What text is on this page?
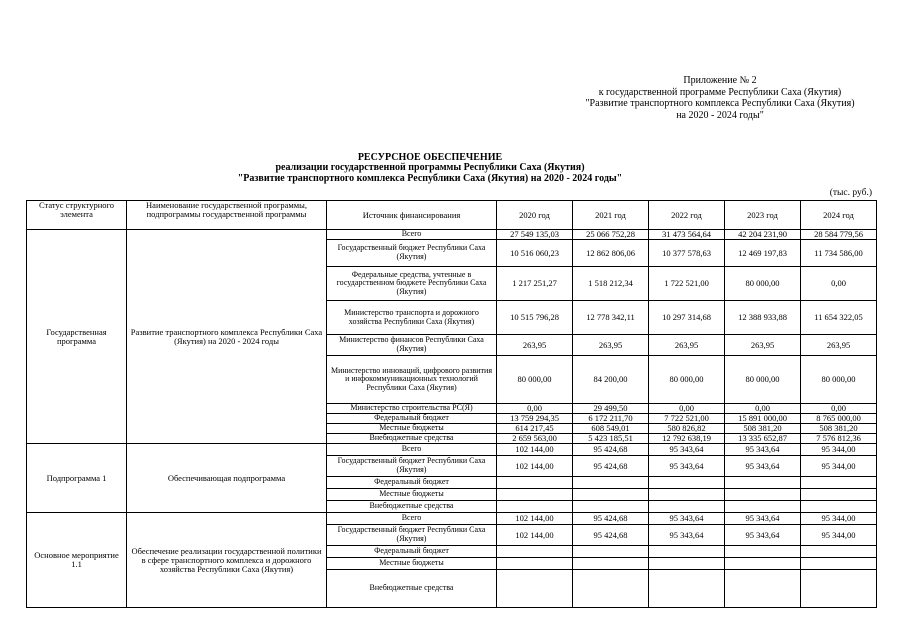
Приложение № 2
к государственной программе Республики Саха (Якутия)
"Развитие транспортного комплекса Республики Саха (Якутия)
на 2020 - 2024 годы"
РЕСУРСНОЕ ОБЕСПЕЧЕНИЕ
реализации государственной программы Республики Саха (Якутия)
"Развитие транспортного комплекса Республики Саха (Якутия) на 2020 - 2024 годы"
(тыс. руб.)
Статус структурного элемента	Наименование государственной программы, подпрограммы государственной программы	Источник финансирования	2020 год	2021 год	2022 год	2023 год	2024 год
Государственная программа	Развитие транспортного комплекса Республики Саха (Якутия) на 2020 - 2024 годы	Всего	27 549 135,03	25 066 752,28	31 473 564,64	42 204 231,90	28 584 779,56
		Государственный бюджет Республики Саха (Якутия)	10 516 060,23	12 862 806,06	10 377 578,63	12 469 197,83	11 734 586,00
		Федеральные средства, учтенные в государственном бюджете Республики Саха (Якутия)	1 217 251,27	1 518 212,34	1 722 521,00	80 000,00	0,00
		Министерство транспорта и дорожного хозяйства Республики Саха (Якутия)	10 515 796,28	12 778 342,11	10 297 314,68	12 388 933,88	11 654 322,05
		Министерство финансов Республики Саха (Якутия)	263,95	263,95	263,95	263,95	263,95
		Министерство инноваций, цифрового развития и инфокоммуникационных технологий Республики Саха (Якутия)	80 000,00	84 200,00	80 000,00	80 000,00	80 000,00
		Министерство строительства РС(Я)	0,00	29 499,50	0,00	0,00	0,00
		Федеральный бюджет	13 759 294,35	6 172 211,70	7 722 521,00	15 891 000,00	8 765 000,00
		Местные бюджеты	614 217,45	608 549,01	580 826,82	508 381,20	508 381,20
		Внебюджетные средства	2 659 563,00	5 423 185,51	12 792 638,19	13 335 652,87	7 576 812,36
Подпрограмма 1	Обеспечивающая подпрограмма	Всего	102 144,00	95 424,68	95 343,64	95 343,64	95 344,00
		Государственный бюджет Республики Саха (Якутия)	102 144,00	95 424,68	95 343,64	95 343,64	95 344,00
		Федеральный бюджет					
		Местные бюджеты					
		Внебюджетные средства					
Основное мероприятие 1.1	Обеспечение реализации государственной политики в сфере транспортного комплекса и дорожного хозяйства Республики Саха (Якутия)	Всего	102 144,00	95 424,68	95 343,64	95 343,64	95 344,00
		Государственный бюджет Республики Саха (Якутия)	102 144,00	95 424,68	95 343,64	95 343,64	95 344,00
		Федеральный бюджет					
		Местные бюджеты					
		Внебюджетные средства					
